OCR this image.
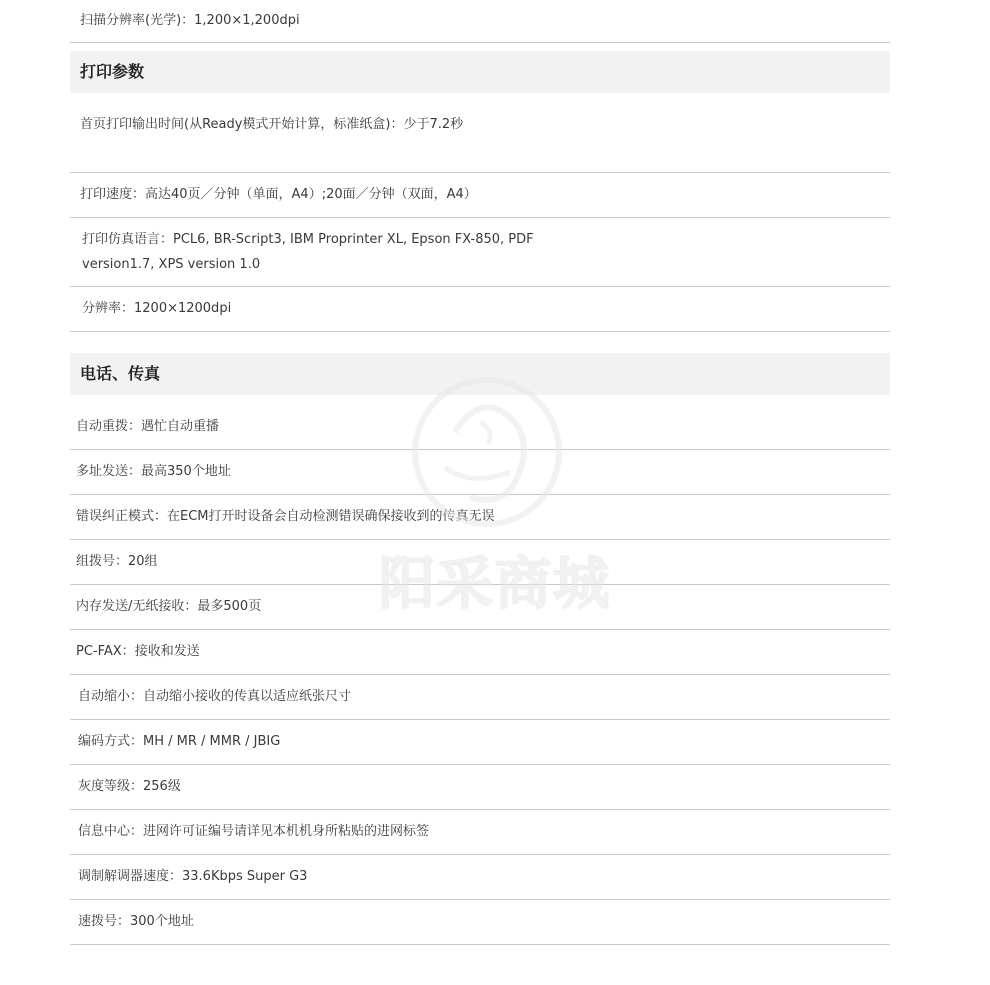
扫描分辨率(光学)：1,200×1,200dpi
打印参数
首页打印输出时间(从Ready模式开始计算，标准纸盒)：少于7.2秒
打印速度：高达40页／分钟（单面，A4）;20面／分钟（双面，A4）
打印仿真语言：PCL6, BR-Script3, IBM Proprinter XL, Epson FX-850, PDF version1.7, XPS version 1.0
分辨率：1200×1200dpi
电话、传真
自动重拨：遇忙自动重播
多址发送：最高350个地址
错误纠正模式：在ECM打开时设备会自动检测错误确保接收到的传真无误
组拨号：20组
内存发送/无纸接收：最多500页
PC-FAX：接收和发送
自动缩小：自动缩小接收的传真以适应纸张尺寸
编码方式：MH / MR / MMR / JBIG
灰度等级：256级
信息中心：进网许可证编号请详见本机机身所粘贴的进网标签
调制解调器速度：33.6Kbps Super G3
速拨号：300个地址
阳采商城
